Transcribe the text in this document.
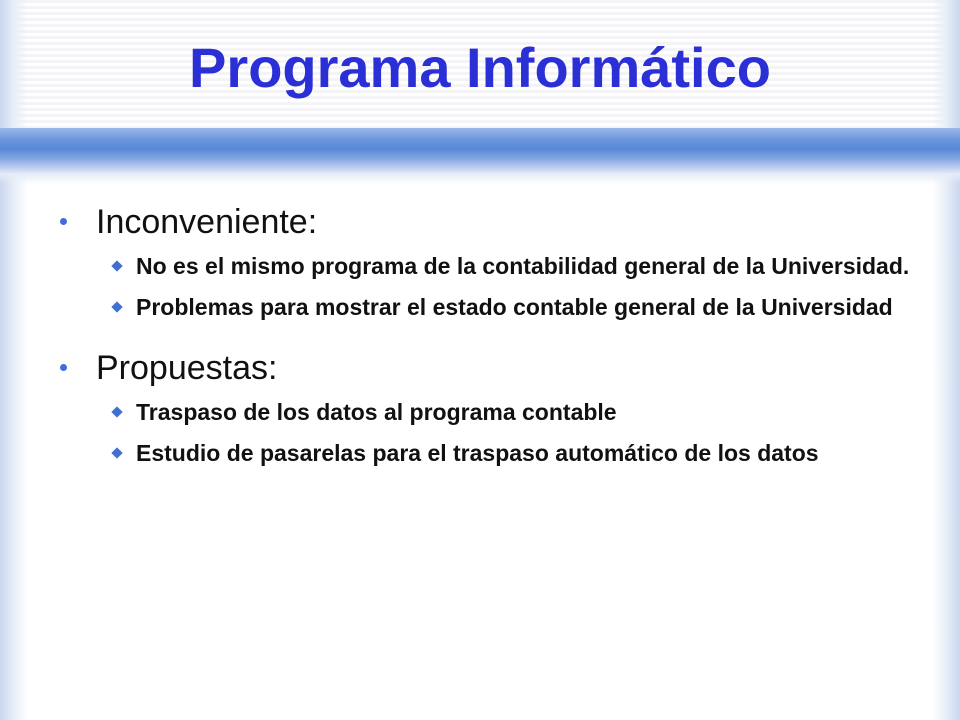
Programa Informático
Inconveniente:
No es el mismo programa de la contabilidad general de la Universidad.
Problemas para mostrar el estado contable general de la Universidad
Propuestas:
Traspaso de los datos al programa contable
Estudio de pasarelas para el traspaso automático de los datos
